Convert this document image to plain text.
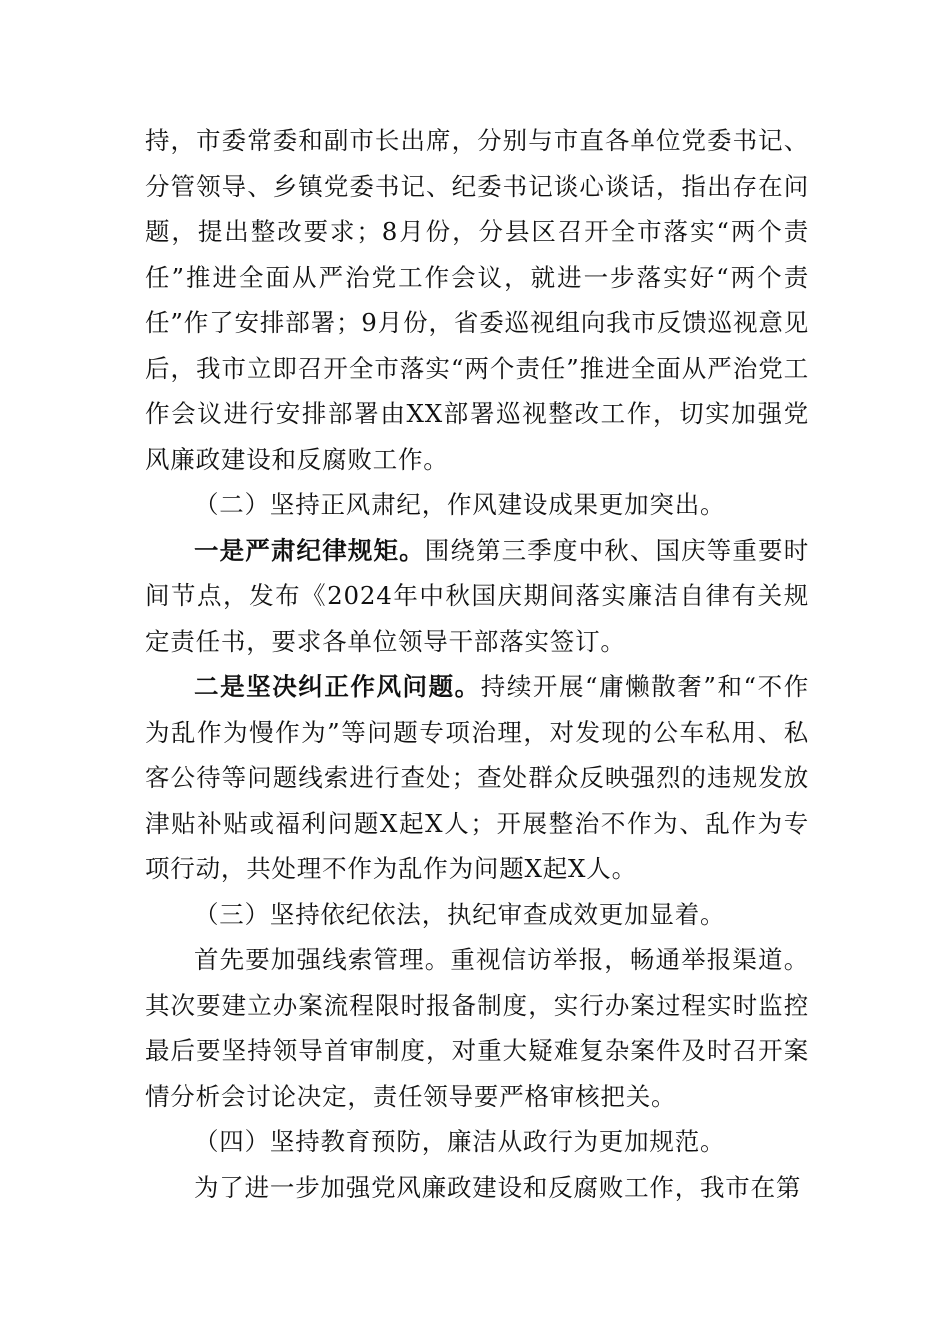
持，市委常委和副市长出席，分别与市直各单位党委书记、分管领导、乡镇党委书记、纪委书记谈心谈话，指出存在问题，提出整改要求；8月份，分县区召开全市落实“两个责任”推进全面从严治党工作会议，就进一步落实好“两个责任”作了安排部署；9月份，省委巡视组向我市反馈巡视意见后，我市立即召开全市落实“两个责任”推进全面从严治党工作会议进行安排部署由XX部署巡视整改工作，切实加强党风廉政建设和反腐败工作。

（二）坚持正风肃纪，作风建设成果更加突出。

一是严肃纪律规矩。围绕第三季度中秋、国庆等重要时间节点，发布《2024年中秋国庆期间落实廉洁自律有关规定责任书，要求各单位领导干部落实签订。

二是坚决纠正作风问题。持续开展“庸懒散奢”和“不作为乱作为慢作为”等问题专项治理，对发现的公车私用、私客公待等问题线索进行查处；查处群众反映强烈的违规发放津贴补贴或福利问题X起X人；开展整治不作为、乱作为专项行动，共处理不作为乱作为问题X起X人。

（三）坚持依纪依法，执纪审查成效更加显着。

首先要加强线索管理。重视信访举报，畅通举报渠道。其次要建立办案流程限时报备制度，实行办案过程实时监控最后要坚持领导首审制度，对重大疑难复杂案件及时召开案情分析会讨论决定，责任领导要严格审核把关。

（四）坚持教育预防，廉洁从政行为更加规范。

为了进一步加强党风廉政建设和反腐败工作，我市在第
